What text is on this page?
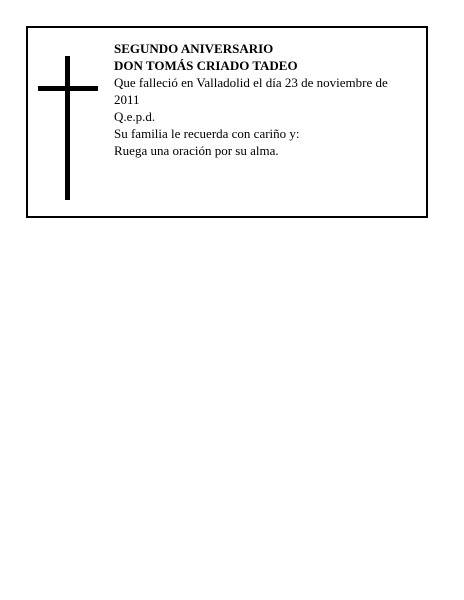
SEGUNDO ANIVERSARIO
DON TOMÁS CRIADO TADEO
Que falleció en Valladolid el día 23 de noviembre de 2011
Q.e.p.d.
Su familia le recuerda con cariño y:
Ruega una oración por su alma.
